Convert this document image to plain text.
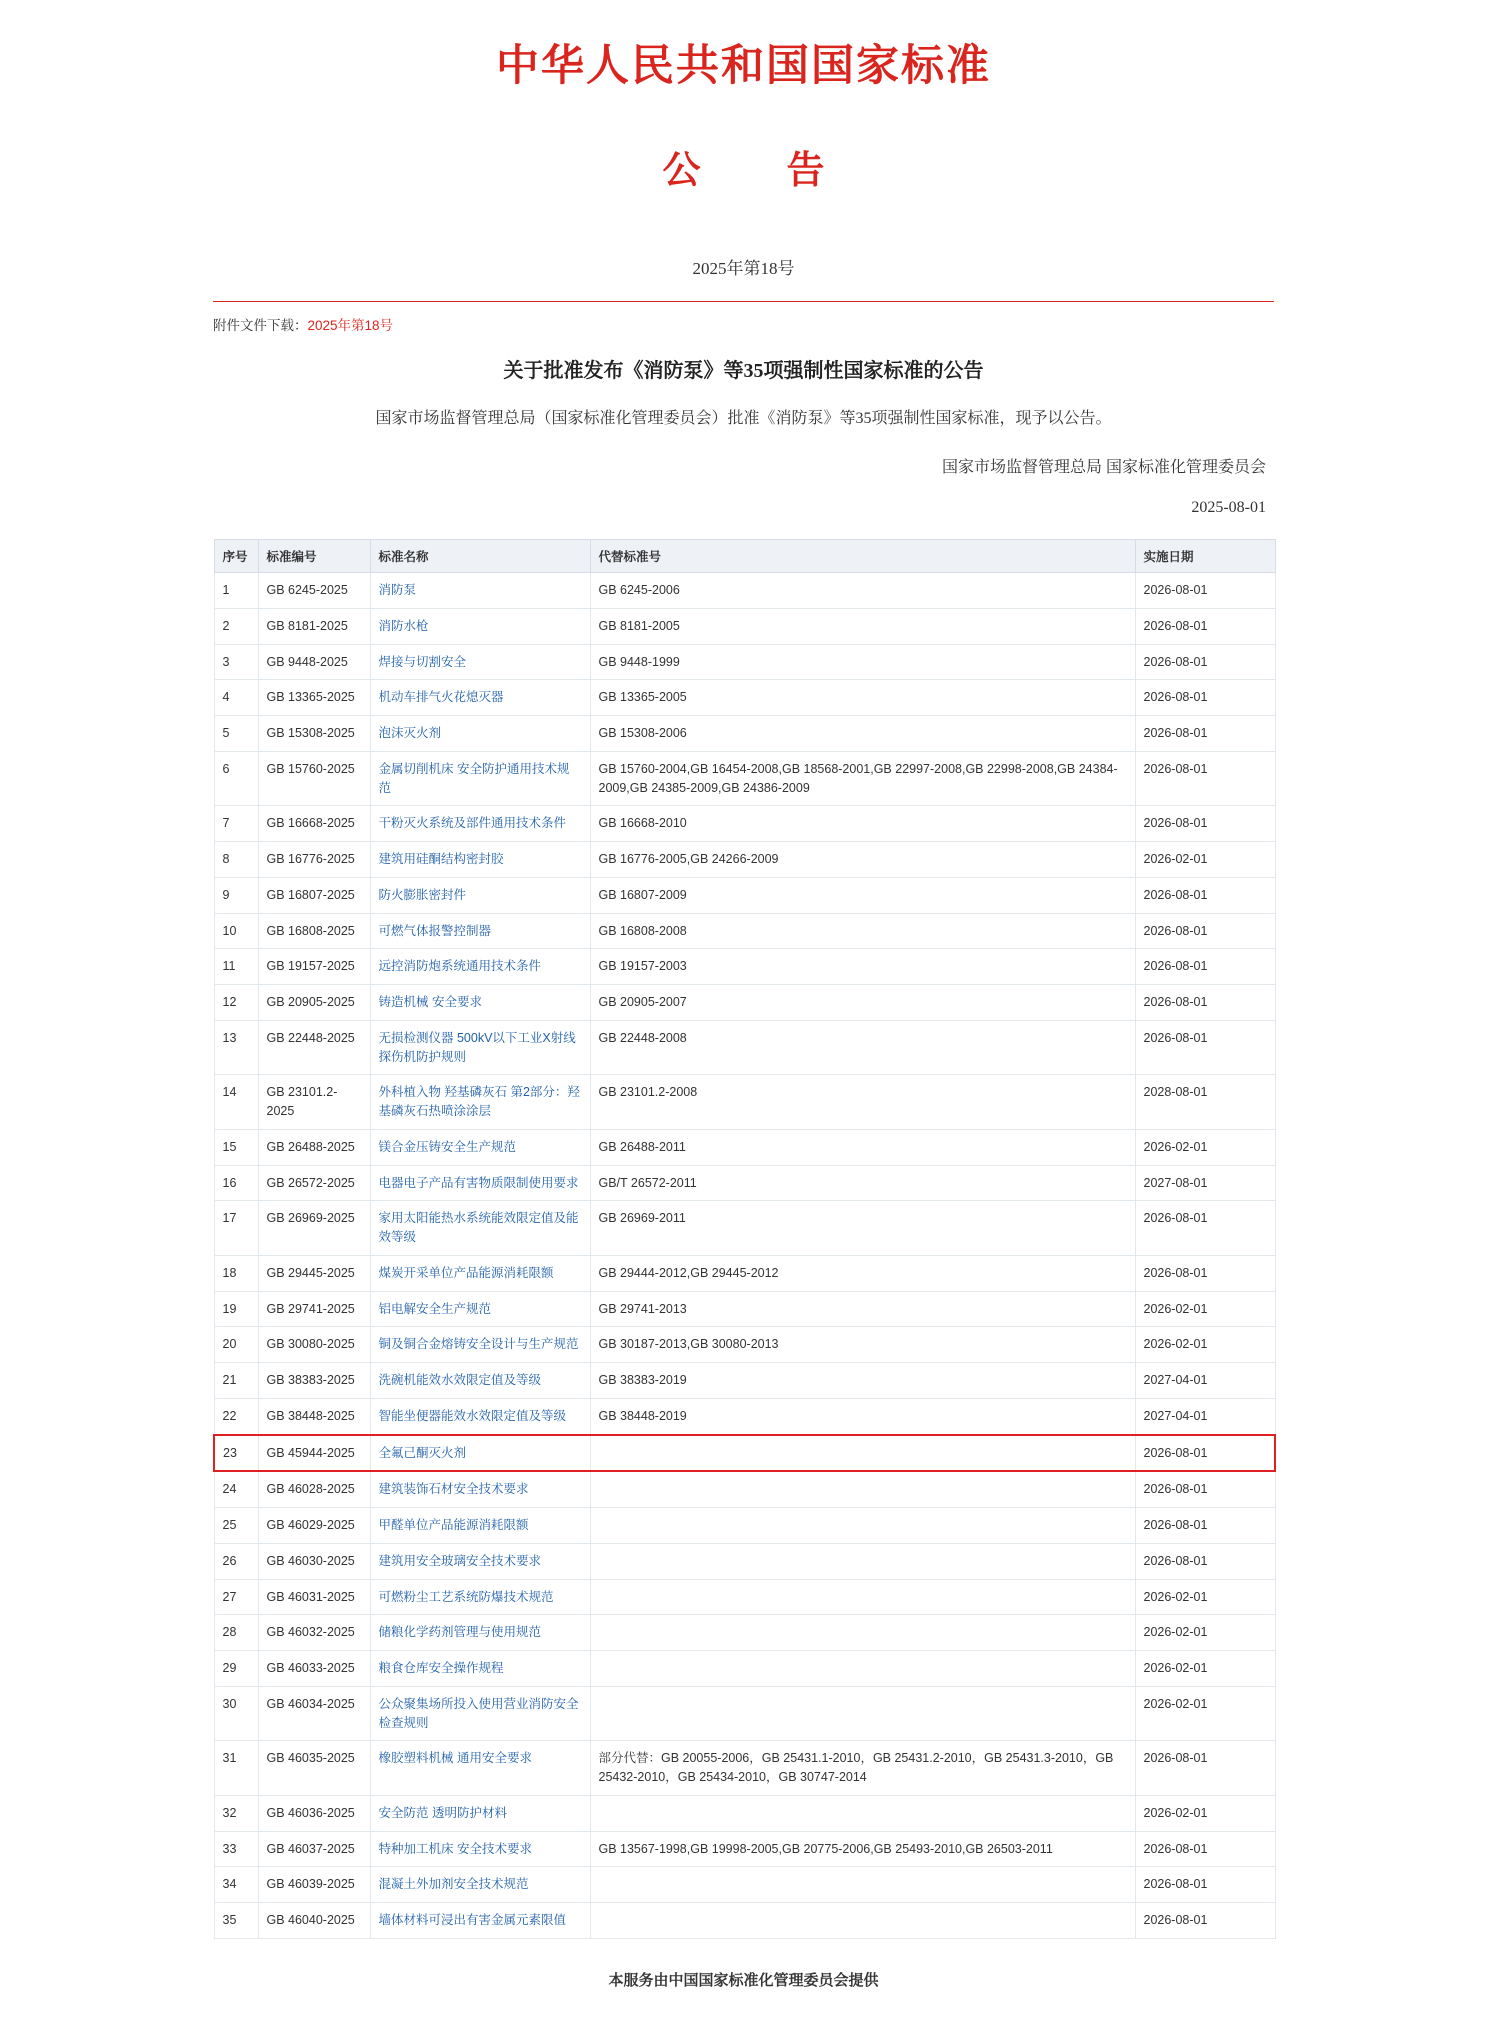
中华人民共和国国家标准
公　告
2025年第18号
附件文件下载：2025年第18号
关于批准发布《消防泵》等35项强制性国家标准的公告
国家市场监督管理总局（国家标准化管理委员会）批准《消防泵》等35项强制性国家标准，现予以公告。
国家市场监督管理总局 国家标准化管理委员会
2025-08-01
序号	标准编号	标准名称	代替标准号	实施日期
1	GB 6245-2025	消防泵	GB 6245-2006	2026-08-01
2	GB 8181-2025	消防水枪	GB 8181-2005	2026-08-01
3	GB 9448-2025	焊接与切割安全	GB 9448-1999	2026-08-01
4	GB 13365-2025	机动车排气火花熄灭器	GB 13365-2005	2026-08-01
5	GB 15308-2025	泡沫灭火剂	GB 15308-2006	2026-08-01
6	GB 15760-2025	金属切削机床 安全防护通用技术规范	GB 15760-2004,GB 16454-2008,GB 18568-2001,GB 22997-2008,GB 22998-2008,GB 24384-2009,GB 24385-2009,GB 24386-2009	2026-08-01
7	GB 16668-2025	干粉灭火系统及部件通用技术条件	GB 16668-2010	2026-08-01
8	GB 16776-2025	建筑用硅酮结构密封胶	GB 16776-2005,GB 24266-2009	2026-02-01
9	GB 16807-2025	防火膨胀密封件	GB 16807-2009	2026-08-01
10	GB 16808-2025	可燃气体报警控制器	GB 16808-2008	2026-08-01
11	GB 19157-2025	远控消防炮系统通用技术条件	GB 19157-2003	2026-08-01
12	GB 20905-2025	铸造机械 安全要求	GB 20905-2007	2026-08-01
13	GB 22448-2025	无损检测仪器 500kV以下工业X射线探伤机防护规则	GB 22448-2008	2026-08-01
14	GB 23101.2-2025	外科植入物 羟基磷灰石 第2部分：羟基磷灰石热喷涂涂层	GB 23101.2-2008	2028-08-01
15	GB 26488-2025	镁合金压铸安全生产规范	GB 26488-2011	2026-02-01
16	GB 26572-2025	电器电子产品有害物质限制使用要求	GB/T 26572-2011	2027-08-01
17	GB 26969-2025	家用太阳能热水系统能效限定值及能效等级	GB 26969-2011	2026-08-01
18	GB 29445-2025	煤炭开采单位产品能源消耗限额	GB 29444-2012,GB 29445-2012	2026-08-01
19	GB 29741-2025	铝电解安全生产规范	GB 29741-2013	2026-02-01
20	GB 30080-2025	铜及铜合金熔铸安全设计与生产规范	GB 30187-2013,GB 30080-2013	2026-02-01
21	GB 38383-2025	洗碗机能效水效限定值及等级	GB 38383-2019	2027-04-01
22	GB 38448-2025	智能坐便器能效水效限定值及等级	GB 38448-2019	2027-04-01
23	GB 45944-2025	全氟己酮灭火剂		2026-08-01
24	GB 46028-2025	建筑装饰石材安全技术要求		2026-08-01
25	GB 46029-2025	甲醛单位产品能源消耗限额		2026-08-01
26	GB 46030-2025	建筑用安全玻璃安全技术要求		2026-08-01
27	GB 46031-2025	可燃粉尘工艺系统防爆技术规范		2026-02-01
28	GB 46032-2025	储粮化学药剂管理与使用规范		2026-02-01
29	GB 46033-2025	粮食仓库安全操作规程		2026-02-01
30	GB 46034-2025	公众聚集场所投入使用营业消防安全检查规则		2026-02-01
31	GB 46035-2025	橡胶塑料机械 通用安全要求	部分代替：GB 20055-2006，GB 25431.1-2010，GB 25431.2-2010，GB 25431.3-2010，GB 25432-2010，GB 25434-2010，GB 30747-2014	2026-08-01
32	GB 46036-2025	安全防范 透明防护材料		2026-02-01
33	GB 46037-2025	特种加工机床 安全技术要求	GB 13567-1998,GB 19998-2005,GB 20775-2006,GB 25493-2010,GB 26503-2011	2026-08-01
34	GB 46039-2025	混凝土外加剂安全技术规范		2026-08-01
35	GB 46040-2025	墙体材料可浸出有害金属元素限值		2026-08-01
本服务由中国国家标准化管理委员会提供
